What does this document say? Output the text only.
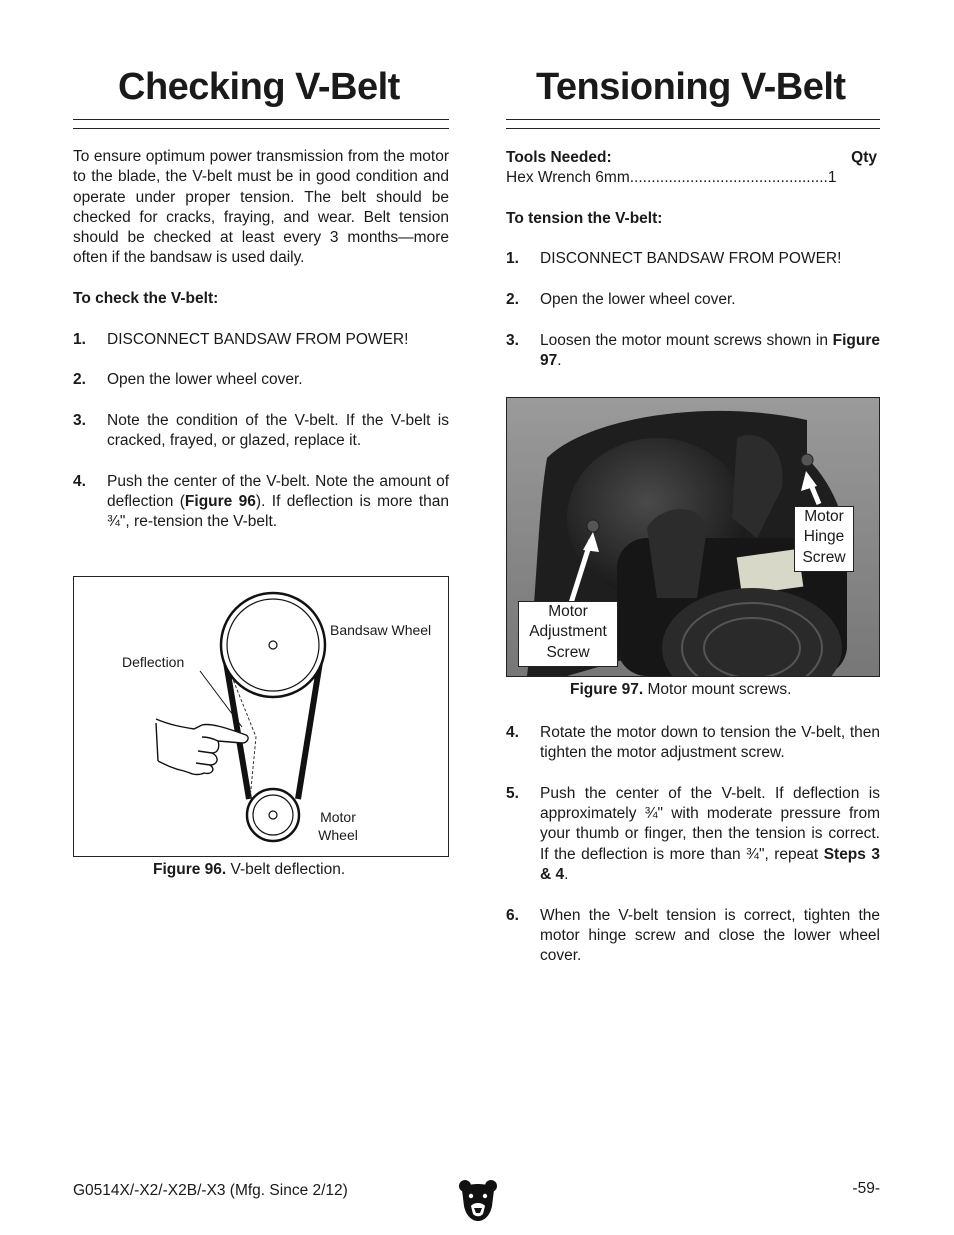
Checking V-Belt

To ensure optimum power transmission from the motor to the blade, the V-belt must be in good condition and operate under proper tension. The belt should be checked for cracks, fraying, and wear. Belt tension should be checked at least every 3 months—more often if the bandsaw is used daily.

To check the V-belt:

1.	DISCONNECT BANDSAW FROM POWER!
2.	Open the lower wheel cover.
3.	Note the condition of the V-belt. If the V-belt is cracked, frayed, or glazed, replace it.
4.	Push the center of the V-belt. Note the amount of deflection (Figure 96). If deflection is more than ¾", re-tension the V-belt.
Bandsaw Wheel
Deflection
Motor Wheel
Figure 96. V-belt deflection.
G0514X/-X2/-X2B/-X3 (Mfg. Since 2/12)
Tensioning V-Belt
Tools Needed:	Qty

Hex Wrench 6mm..............................................1

To tension the V-belt:

1.	DISCONNECT BANDSAW FROM POWER!
2.	Open the lower wheel cover.
3.	Loosen the motor mount screws shown in Figure 97.
Motor Hinge Screw
Motor Adjustment Screw
Figure 97. Motor mount screws.
4.	Rotate the motor down to tension the V-belt, then tighten the motor adjustment screw.
5.	Push the center of the V-belt. If deflection is approximately ¾" with moderate pressure from your thumb or finger, then the tension is correct. If the deflection is more than ¾", repeat Steps 3 & 4.
6.	When the V-belt tension is correct, tighten the motor hinge screw and close the lower wheel cover.
-59-
